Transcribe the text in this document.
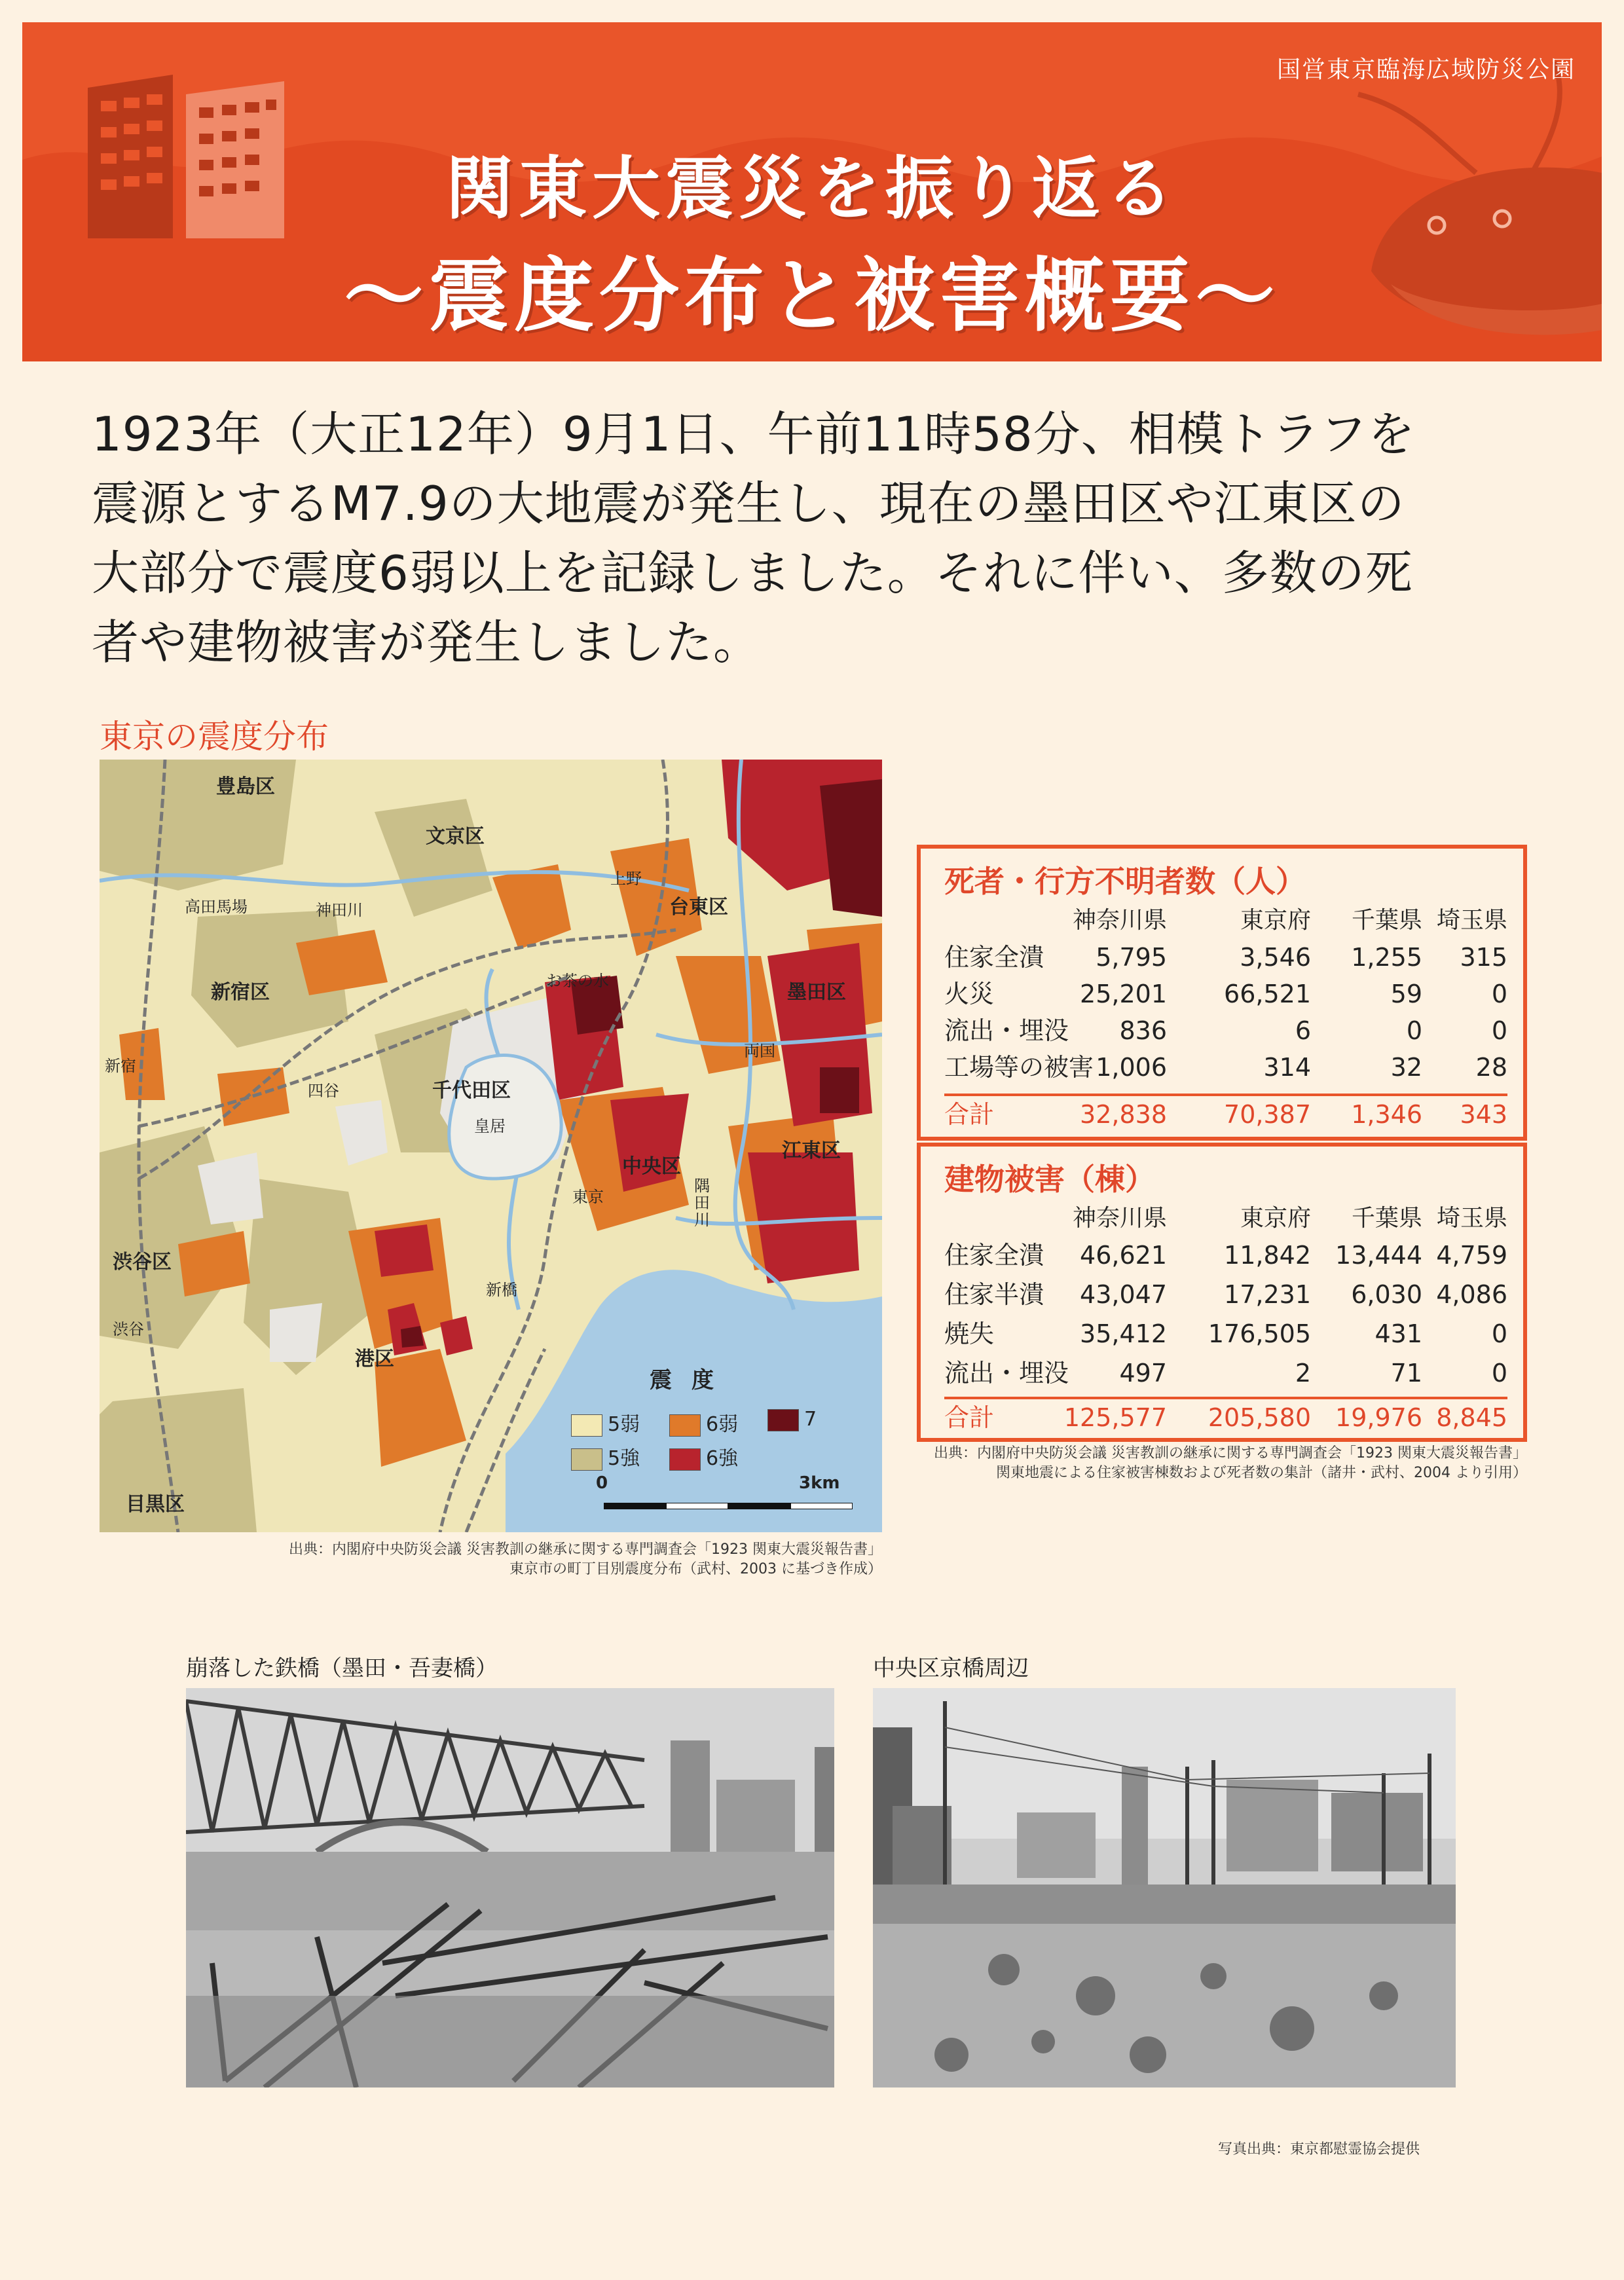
国営東京臨海広域防災公園
関東大震災を振り返る
～震度分布と被害概要～
1923年（大正12年）9月1日、午前11時58分、相模トラフを
震源とするM7.9の大地震が発生し、現在の墨田区や江東区の
大部分で震度6弱以上を記録しました。それに伴い、多数の死
者や建物被害が発生しました。
東京の震度分布
豊島区
文京区
高田馬場	神田川
上野
台東区
新宿区	お茶の水	墨田区
両国
新宿
四谷	千代田区
皇居
中央区
江東区
東京
隅田川
渋谷区
新橋
渋谷
港区
目黒区
震度
5弱	6弱	7
5強	6強
0	3km
出典：内閣府中央防災会議 災害教訓の継承に関する専門調査会「1923 関東大震災報告書」
東京市の町丁目別震度分布（武村、2003 に基づき作成）
死者・行方不明者数（人）
神奈川県	東京府 千葉県 埼玉県
住家全潰 5,795	3,546 1,255 315
火災	25,201 66,521	59	0
流出・埋没 836	6	0	0
工場等の被害 1,006	314	32 28
合計	32,838 70,387 1,346 343
建物被害（棟）
神奈川県	東京府 千葉県 埼玉県
住家全潰 46,621 11,842 13,444 4,759
住家半潰 43,047 17,231 6,030 4,086
焼失	35,412 176,505	431	0
流出・埋没 497	2	71	0
合計	125,577 205,580 19,976 8,845
出典：内閣府中央防災会議 災害教訓の継承に関する専門調査会「1923 関東大震災報告書」
関東地震による住家被害棟数および死者数の集計（諸井・武村、2004 より引用）
崩落した鉄橋（墨田・吾妻橋）	中央区京橋周辺
写真出典：東京都慰霊協会提供
